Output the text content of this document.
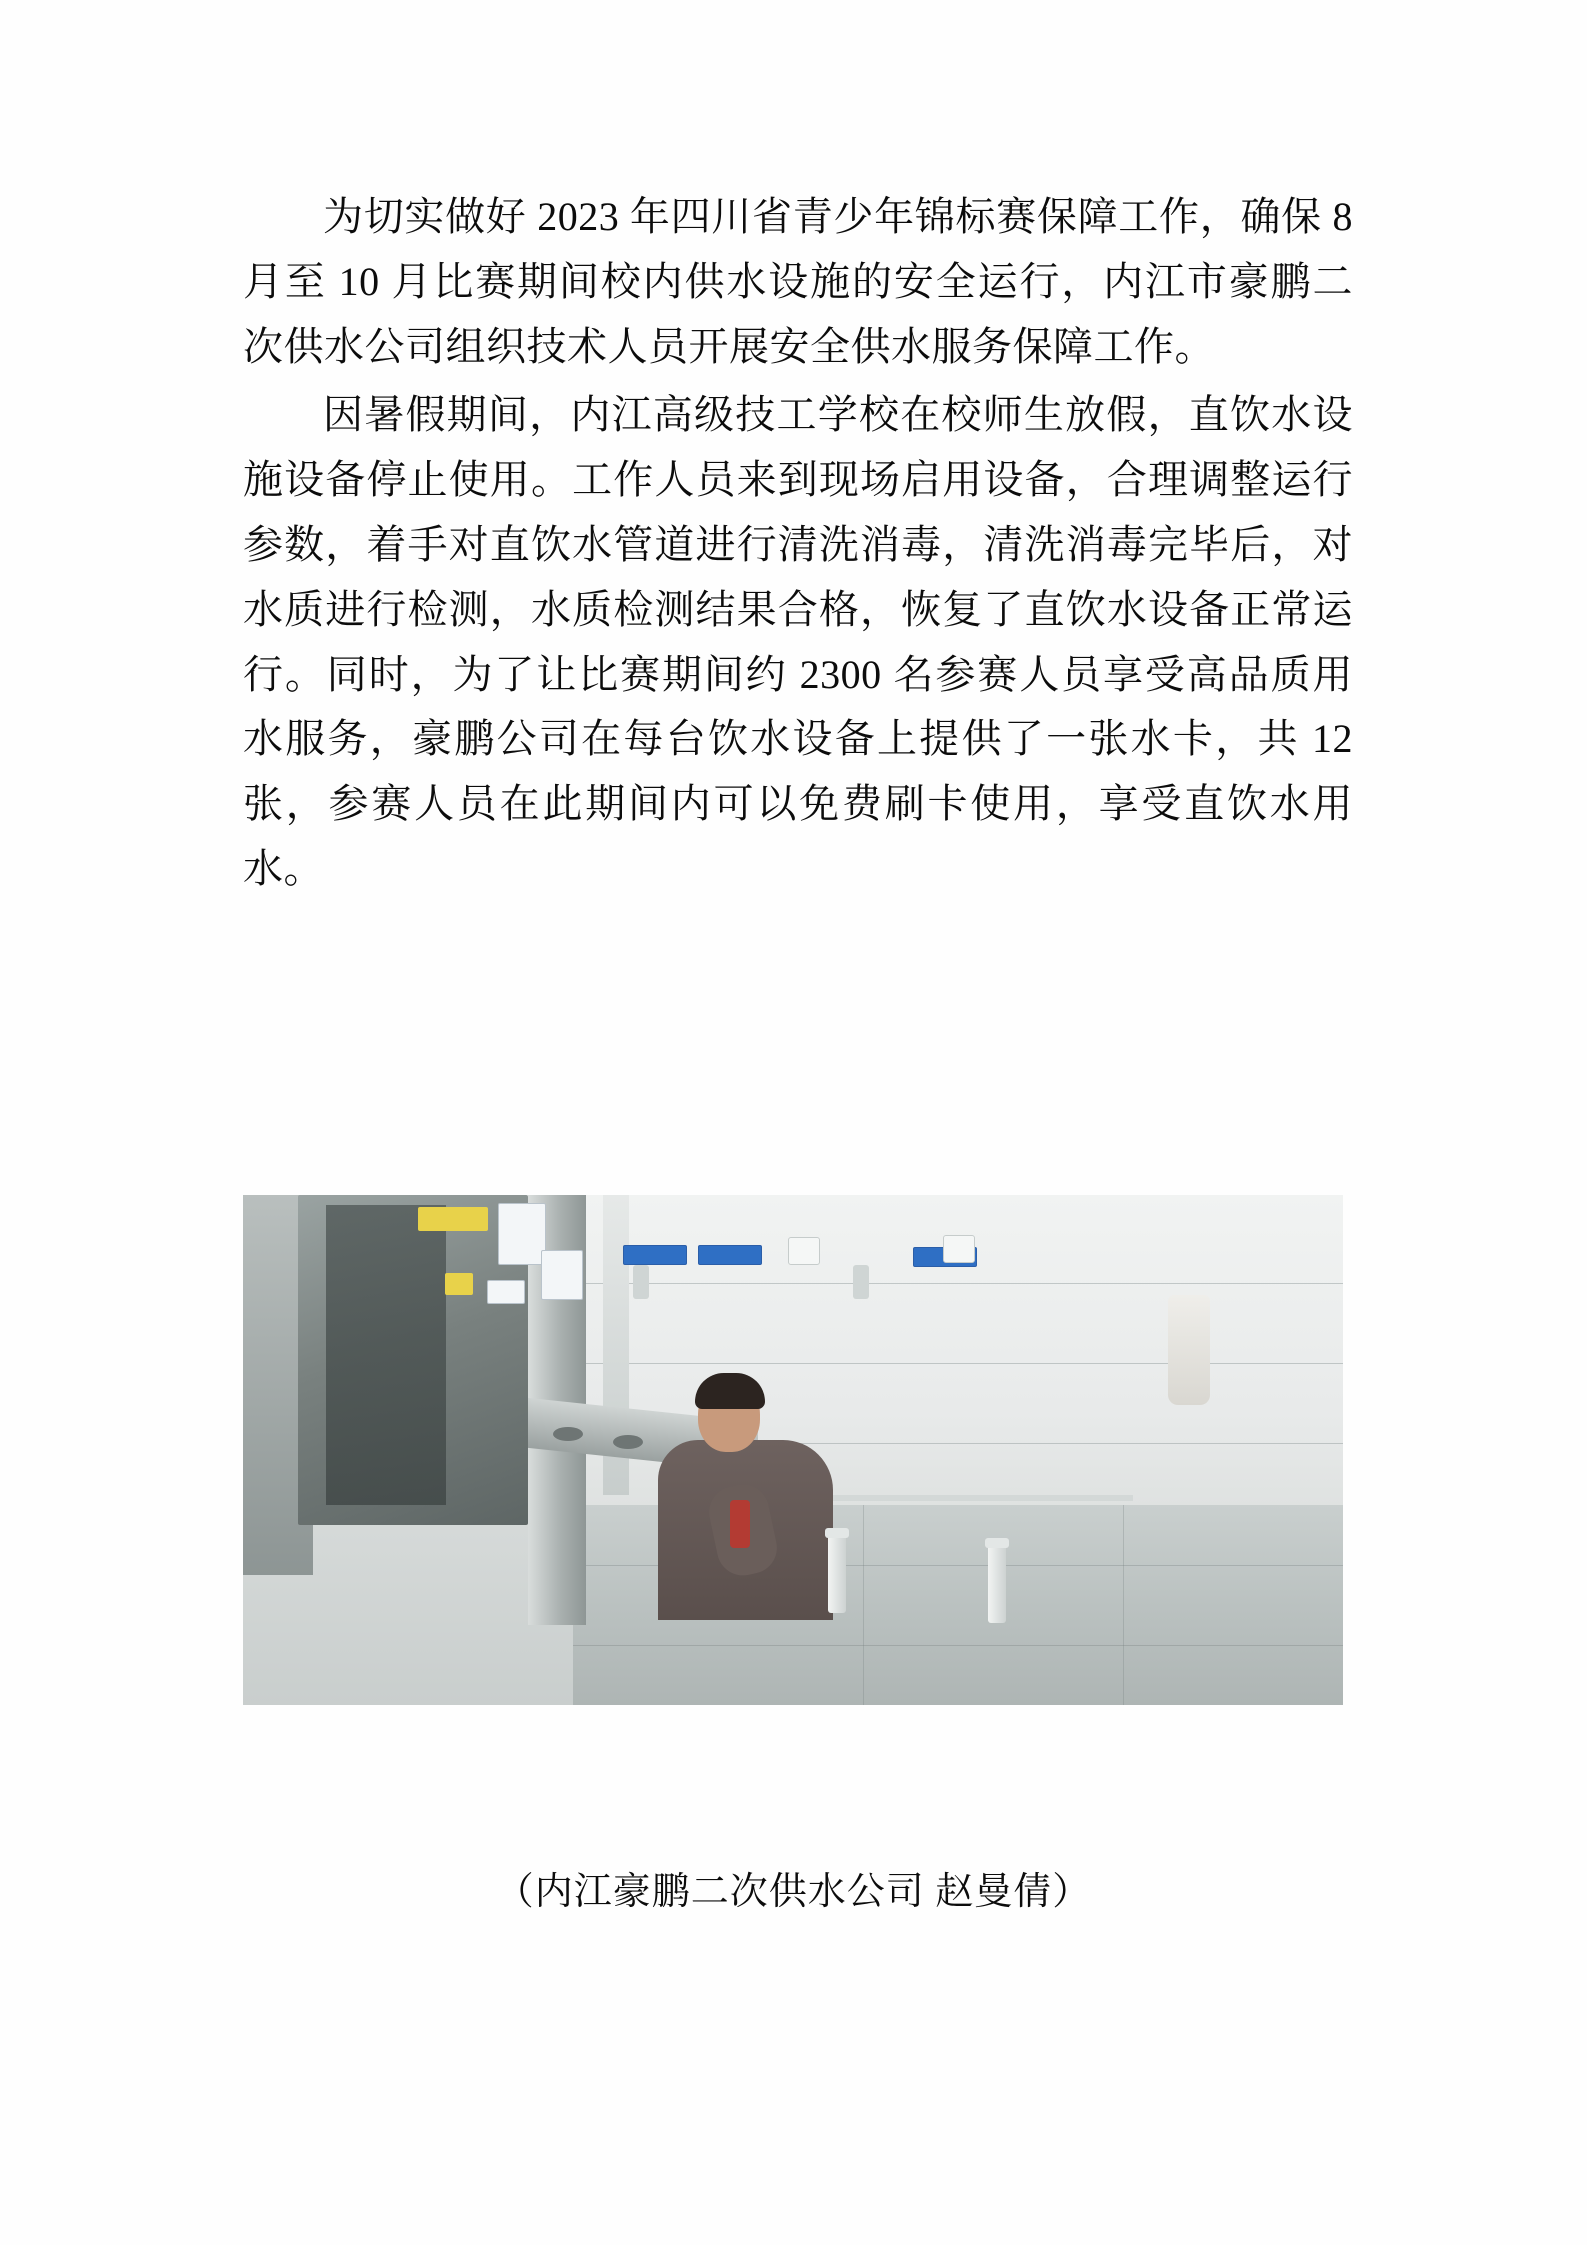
为切实做好 2023 年四川省青少年锦标赛保障工作，确保 8 月至 10 月比赛期间校内供水设施的安全运行，内江市豪鹏二次供水公司组织技术人员开展安全供水服务保障工作。

因暑假期间，内江高级技工学校在校师生放假，直饮水设施设备停止使用。工作人员来到现场启用设备，合理调整运行参数，着手对直饮水管道进行清洗消毒，清洗消毒完毕后，对水质进行检测，水质检测结果合格，恢复了直饮水设备正常运行。同时，为了让比赛期间约 2300 名参赛人员享受高品质用水服务，豪鹏公司在每台饮水设备上提供了一张水卡，共 12 张，参赛人员在此期间内可以免费刷卡使用，享受直饮水用水。

（内江豪鹏二次供水公司 赵曼倩）
